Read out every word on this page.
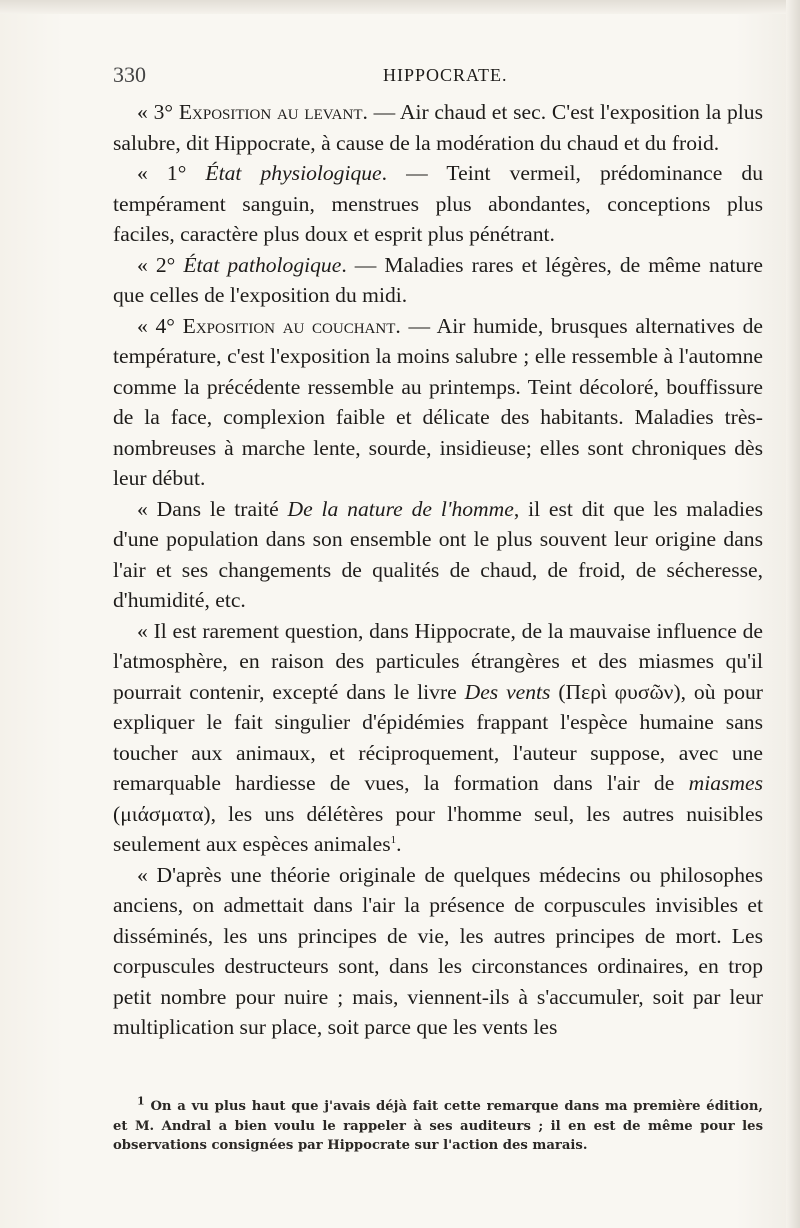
330	HIPPOCRATE.

« 3° Exposition au levant. — Air chaud et sec. C'est l'exposition la plus salubre, dit Hippocrate, à cause de la modération du chaud et du froid.

« 1° État physiologique. — Teint vermeil, prédominance du tempérament sanguin, menstrues plus abondantes, conceptions plus faciles, caractère plus doux et esprit plus pénétrant.

« 2° État pathologique. — Maladies rares et légères, de même nature que celles de l'exposition du midi.

« 4° Exposition au couchant. — Air humide, brusques alternatives de température, c'est l'exposition la moins salubre ; elle ressemble à l'automne comme la précédente ressemble au printemps. Teint décoloré, bouffissure de la face, complexion faible et délicate des habitants. Maladies très-nombreuses à marche lente, sourde, insidieuse; elles sont chroniques dès leur début.

« Dans le traité De la nature de l'homme, il est dit que les maladies d'une population dans son ensemble ont le plus souvent leur origine dans l'air et ses changements de qualités de chaud, de froid, de sécheresse, d'humidité, etc.

« Il est rarement question, dans Hippocrate, de la mauvaise influence de l'atmosphère, en raison des particules étrangères et des miasmes qu'il pourrait contenir, excepté dans le livre Des vents (Περὶ φυσῶν), où pour expliquer le fait singulier d'épidémies frappant l'espèce humaine sans toucher aux animaux, et réciproquement, l'auteur suppose, avec une remarquable hardiesse de vues, la formation dans l'air de miasmes (μιάσματα), les uns délétères pour l'homme seul, les autres nuisibles seulement aux espèces animales$^1$.

« D'après une théorie originale de quelques médecins ou philosophes anciens, on admettait dans l'air la présence de corpuscules invisibles et disséminés, les uns principes de vie, les autres principes de mort. Les corpuscules destructeurs sont, dans les circonstances ordinaires, en trop petit nombre pour nuire ; mais, viennent-ils à s'accumuler, soit par leur multiplication sur place, soit parce que les vents les

$^1$ On a vu plus haut que j'avais déjà fait cette remarque dans ma première édition, et M. Andral a bien voulu le rappeler à ses auditeurs ; il en est de même pour les observations consignées par Hippocrate sur l'action des marais.
